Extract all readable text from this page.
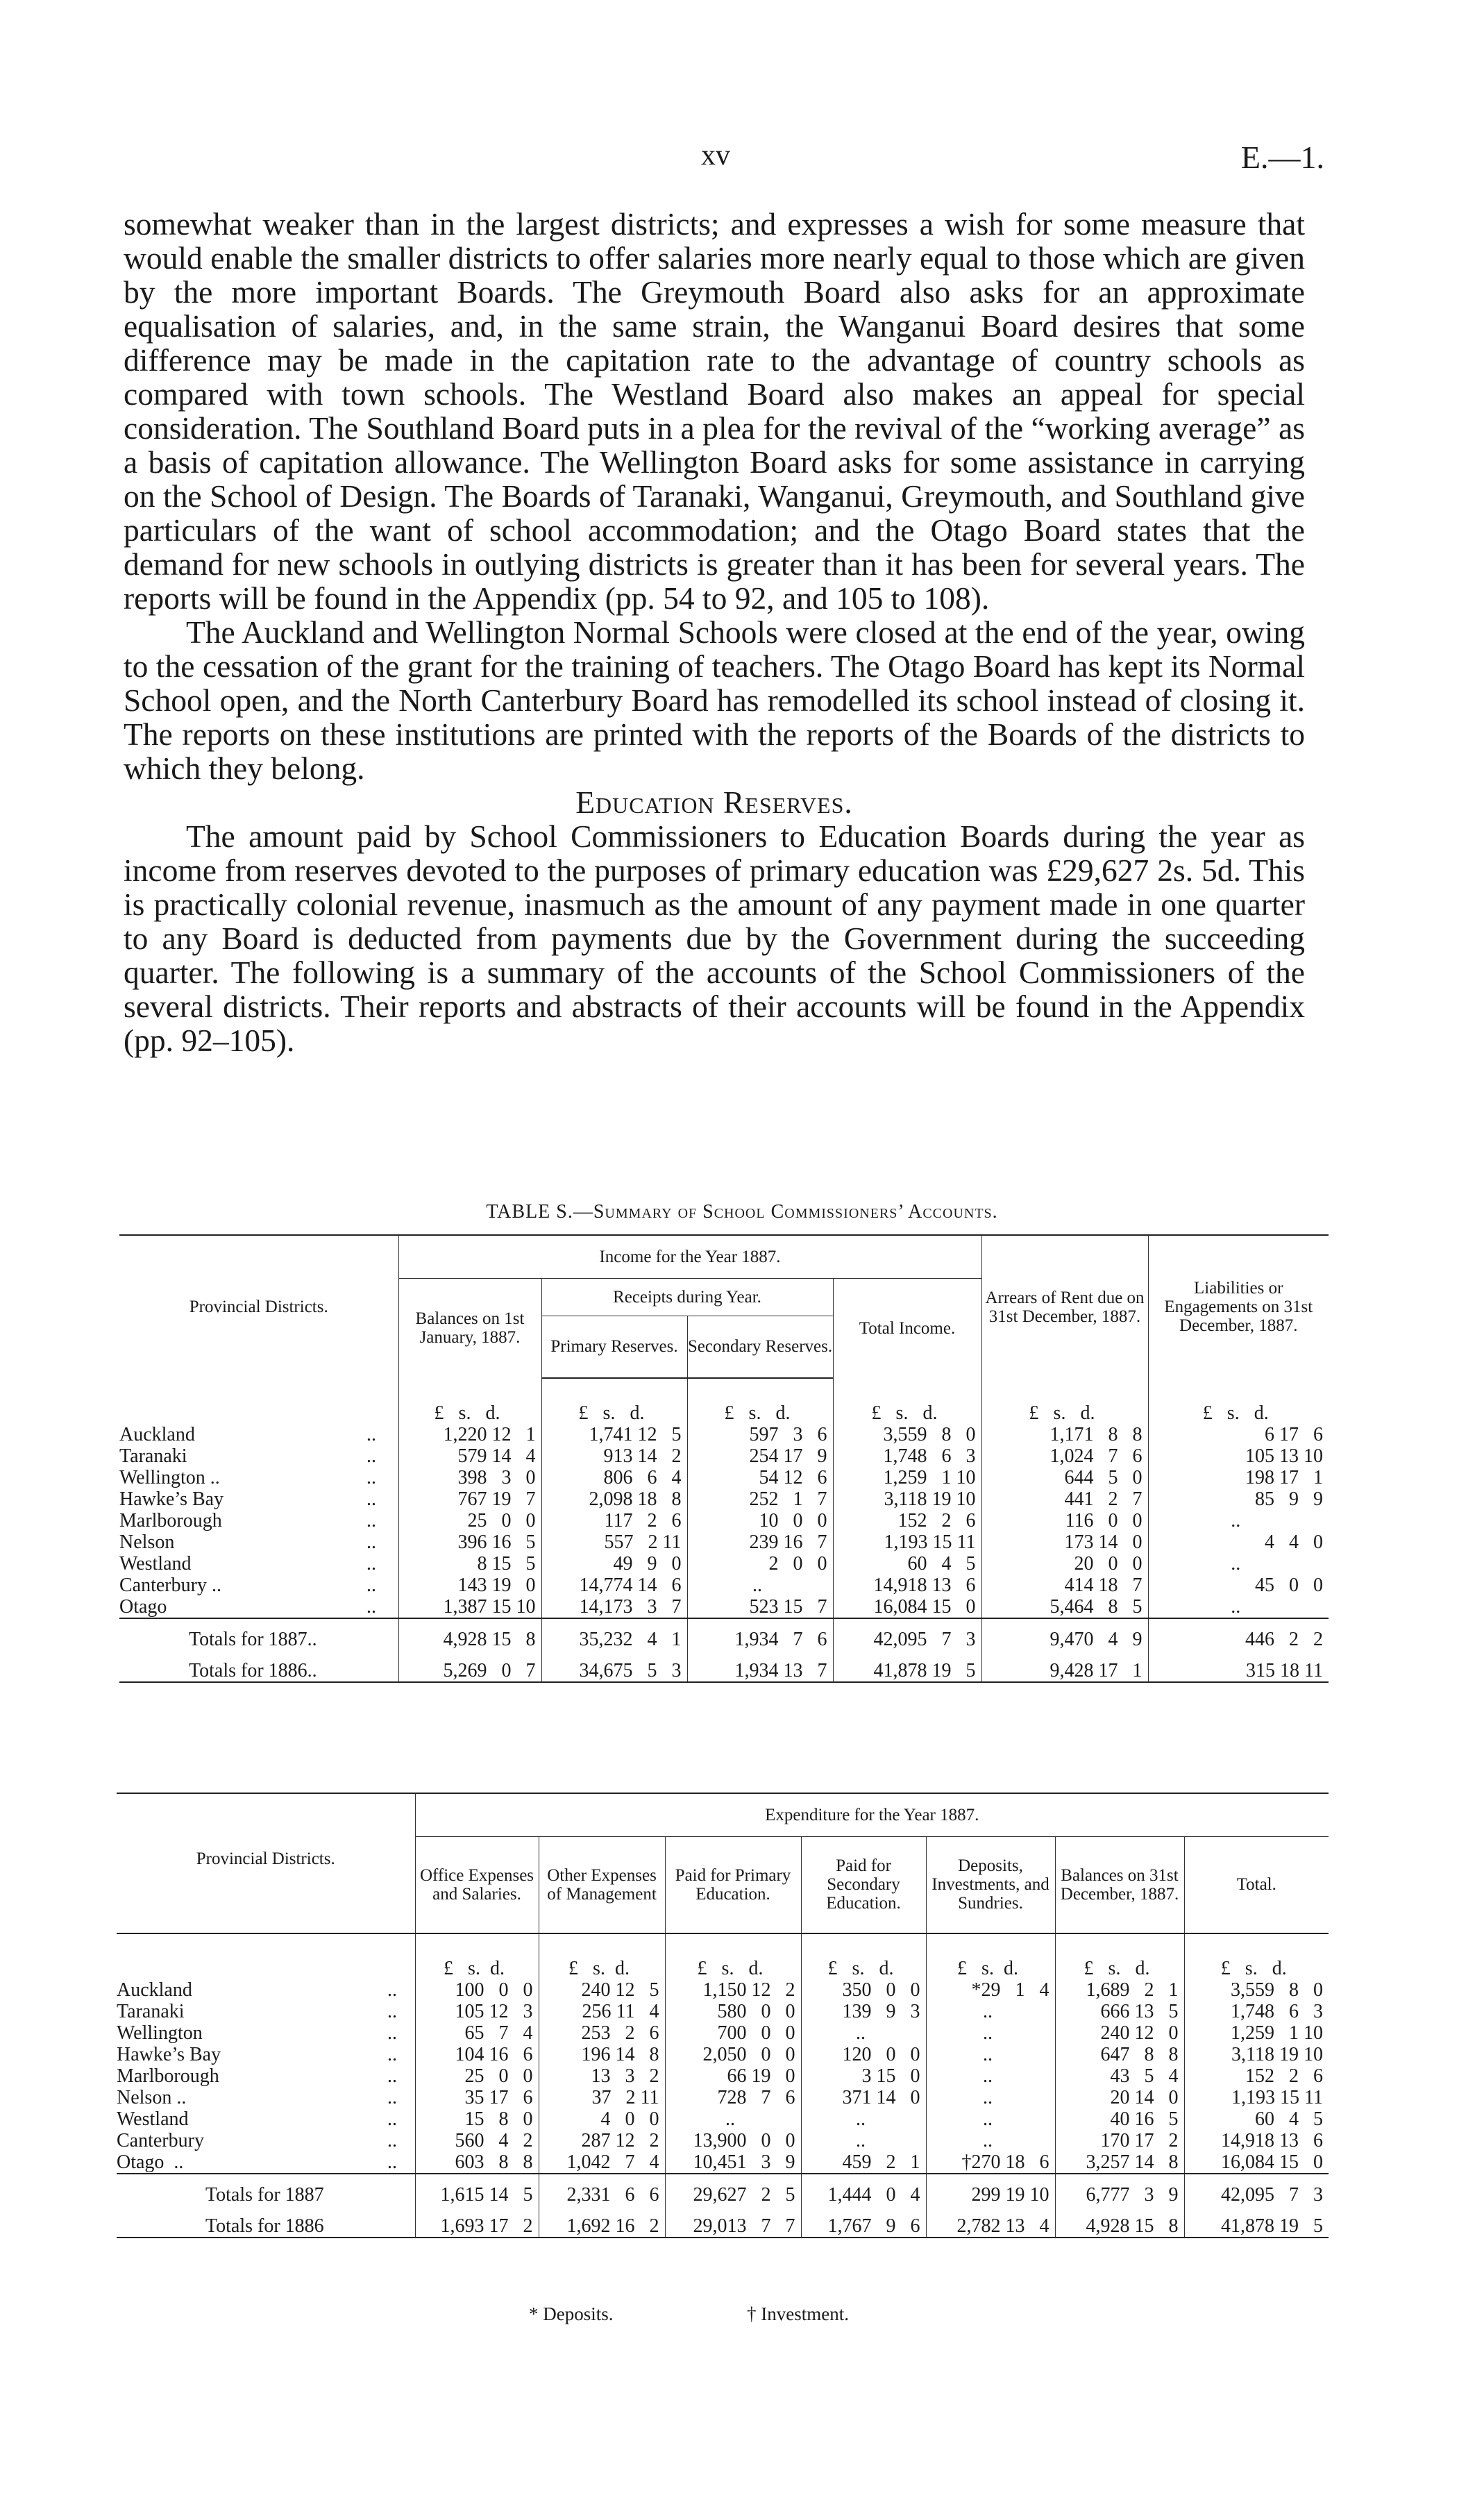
xv	E.—1.

somewhat weaker than in the largest districts; and expresses a wish for some measure that would enable the smaller districts to offer salaries more nearly equal to those which are given by the more important Boards. The Greymouth Board also asks for an approximate equalisation of salaries, and, in the same strain, the Wanganui Board desires that some difference may be made in the capitation rate to the advantage of country schools as compared with town schools. The Westland Board also makes an appeal for special consideration. The Southland Board puts in a plea for the revival of the “working average” as a basis of capitation allowance. The Wellington Board asks for some assistance in carrying on the School of Design. The Boards of Taranaki, Wanganui, Greymouth, and Southland give particulars of the want of school accommodation; and the Otago Board states that the demand for new schools in outlying districts is greater than it has been for several years. The reports will be found in the Appendix (pp. 54 to 92, and 105 to 108).

The Auckland and Wellington Normal Schools were closed at the end of the year, owing to the cessation of the grant for the training of teachers. The Otago Board has kept its Normal School open, and the North Canterbury Board has remodelled its school instead of closing it. The reports on these institutions are printed with the reports of the Boards of the districts to which they belong.

Education Reserves.

The amount paid by School Commissioners to Education Boards during the year as income from reserves devoted to the purposes of primary education was £29,627 2s. 5d. This is practically colonial revenue, inasmuch as the amount of any payment made in one quarter to any Board is deducted from payments due by the Government during the succeeding quarter. The following is a summary of the accounts of the School Commissioners of the several districts. Their reports and abstracts of their accounts will be found in the Appendix (pp. 92–105).

TABLE S.—Summary of School Commissioners’ Accounts.
Provincial Districts.		Income for the Year 1887.				Arrears of Rent due on 31st December, 1887.	Liabilities or Engagements on 31st December, 1887.
		Balances on 1st January, 1887.	Receipts during Year.		Total Income.		
			Primary Reserves.	Secondary Reserves.			
		£   s.   d.	£   s.   d.	£   s.   d.	£   s.   d.	£   s.   d.	£   s.   d.
Auckland	..	1,220 12   1	1,741 12   5	597   3   6	3,559   8   0	1,171   8   8	6 17   6
Taranaki	..	579 14   4	913 14   2	254 17   9	1,748   6   3	1,024   7   6	105 13 10
Wellington ..	..	398   3   0	806   6   4	54 12   6	1,259   1 10	644   5   0	198 17   1
Hawke’s Bay	..	767 19   7	2,098 18   8	252   1   7	3,118 19 10	441   2   7	85   9   9
Marlborough	..	25   0   0	117   2   6	10   0   0	152   2   6	116   0   0	..
Nelson	..	396 16   5	557   2 11	239 16   7	1,193 15 11	173 14   0	4   4   0
Westland	..	8 15   5	49   9   0	2   0   0	60   4   5	20   0   0	..
Canterbury ..	..	143 19   0	14,774 14   6	..	14,918 13   6	414 18   7	45   0   0
Otago	..	1,387 15 10	14,173   3   7	523 15   7	16,084 15   0	5,464   8   5	..
Totals for 1887..		4,928 15   8	35,232   4   1	1,934   7   6	42,095   7   3	9,470   4   9	446   2   2
Totals for 1886..		5,269   0   7	34,675   5   3	1,934 13   7	41,878 19   5	9,428 17   1	315 18 11
Provincial Districts.		Expenditure for the Year 1887.						
		Office Expenses and Salaries.	Other Expenses of Management	Paid for Primary Education.	Paid for Secondary Education.	Deposits, Investments, and Sundries.	Balances on 31st December, 1887.	Total.
		£   s.  d.	£   s.  d.	£   s.   d.	£   s.   d.	£   s.  d.	£   s.   d.	£   s.   d.
Auckland	..	100   0   0	240 12   5	1,150 12   2	350   0   0	*29   1   4	1,689   2   1	3,559   8   0
Taranaki	..	105 12   3	256 11   4	580   0   0	139   9   3	..	666 13   5	1,748   6   3
Wellington	..	65   7   4	253   2   6	700   0   0	..	..	240 12   0	1,259   1 10
Hawke’s Bay	..	104 16   6	196 14   8	2,050   0   0	120   0   0	..	647   8   8	3,118 19 10
Marlborough	..	25   0   0	13   3   2	66 19   0	3 15   0	..	43   5   4	152   2   6
Nelson ..	..	35 17   6	37   2 11	728   7   6	371 14   0	..	20 14   0	1,193 15 11
Westland	..	15   8   0	4   0   0	..	..	..	40 16   5	60   4   5
Canterbury	..	560   4   2	287 12   2	13,900   0   0	..	..	170 17   2	14,918 13   6
Otago  ..	..	603   8   8	1,042   7   4	10,451   3   9	459   2   1	†270 18   6	3,257 14   8	16,084 15   0
Totals for 1887		1,615 14   5	2,331   6   6	29,627   2   5	1,444   0   4	299 19 10	6,777   3   9	42,095   7   3
Totals for 1886		1,693 17   2	1,692 16   2	29,013   7   7	1,767   9   6	2,782 13   4	4,928 15   8	41,878 19   5
* Deposits.	† Investment.
